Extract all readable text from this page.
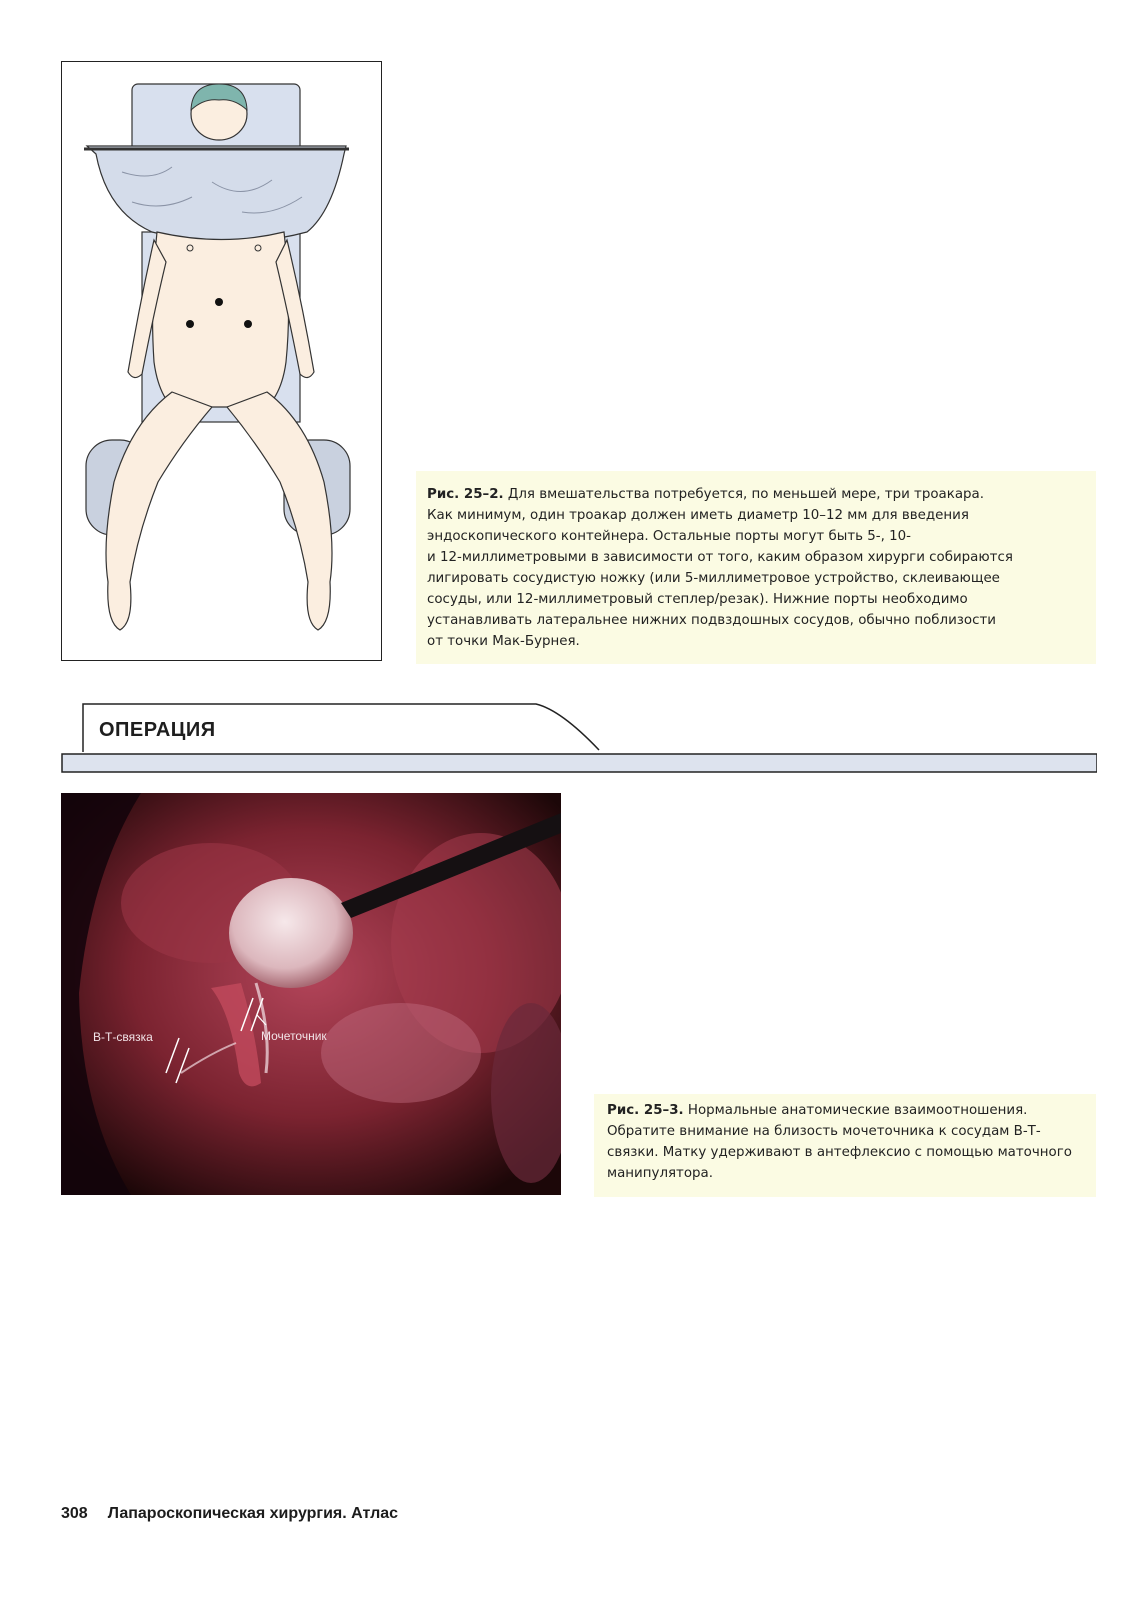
Рис. 25–2. Для вмешательства потребуется, по меньшей мере, три троакара.
Как минимум, один троакар должен иметь диаметр 10–12 мм для введения
эндоскопического контейнера. Остальные порты могут быть 5-, 10-
и 12-миллиметровыми в зависимости от того, каким образом хирурги собираются
лигировать сосудистую ножку (или 5-миллиметровое устройство, склеивающее
сосуды, или 12-миллиметровый степлер/резак). Нижние порты необходимо
устанавливать латеральнее нижних подвздошных сосудов, обычно поблизости
от точки Мак-Бурнея.
ОПЕРАЦИЯ
В-Т-связка	Мочеточник
Рис. 25–3. Нормальные анатомические взаимоотношения. Обратите внимание на близость мочеточника к сосудам В-Т-связки. Матку удерживают в антефлексио с помощью маточного манипулятора.
308 Лапароскопическая хирургия. Атлас
